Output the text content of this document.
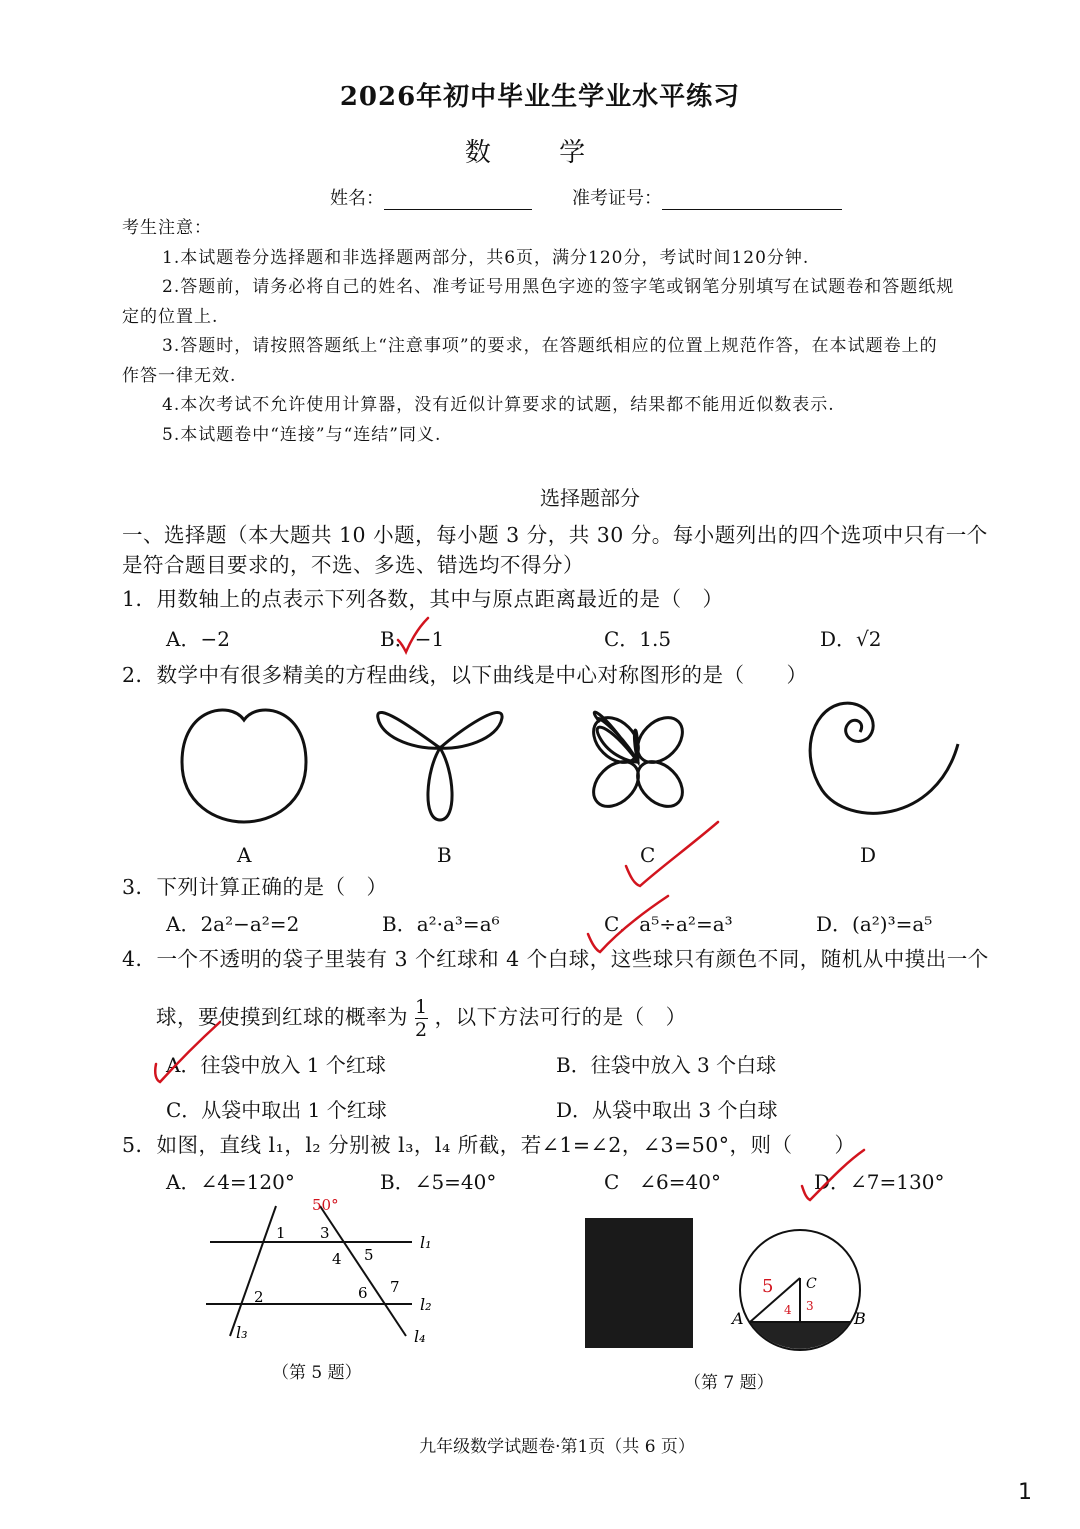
2026年初中毕业生学业水平练习
数 学
姓名：	准考证号：
考生注意：
1.本试题卷分选择题和非选择题两部分，共6页，满分120分，考试时间120分钟.
2.答题前，请务必将自己的姓名、准考证号用黑色字迹的签字笔或钢笔分别填写在试题卷和答题纸规
定的位置上.
3.答题时，请按照答题纸上“注意事项”的要求，在答题纸相应的位置上规范作答，在本试题卷上的
作答一律无效.
4.本次考试不允许使用计算器，没有近似计算要求的试题，结果都不能用近似数表示.
5.本试题卷中“连接”与“连结”同义.
选择题部分
一、选择题（本大题共 10 小题，每小题 3 分，共 30 分。每小题列出的四个选项中只有一个
是符合题目要求的，不选、多选、错选均不得分）
1．用数轴上的点表示下列各数，其中与原点距离最近的是（　）
A．−2	B．−1	C．1.5	D．√2
2．数学中有很多精美的方程曲线，以下曲线是中心对称图形的是（　　）
A	B	C	D
3．下列计算正确的是（　）
A．2a²−a²=2	B．a²·a³=a⁶	C．a⁵÷a²=a³	D．(a²)³=a⁵
4．一个不透明的袋子里装有 3 个红球和 4 个白球，这些球只有颜色不同，随机从中摸出一个
球，要使摸到红球的概率为 $\frac{1}{2}$ ，以下方法可行的是（　）
A．往袋中放入 1 个红球	B．往袋中放入 3 个白球
C．从袋中取出 1 个红球	D．从袋中取出 3 个白球
5．如图，直线 l₁，l₂ 分别被 l₃，l₄ 所截，若∠1=∠2，∠3=50°，则（　　）
A．∠4=120°	B．∠5=40°	C　∠6=40°	D．∠7=130°
1
2
3
4 5
6 7
l₁
l₂
l₃	l₄
50°
（第 5 题）
A	B
C
5
4 3
（第 7 题）
九年级数学试题卷·第1页（共 6 页）
1
